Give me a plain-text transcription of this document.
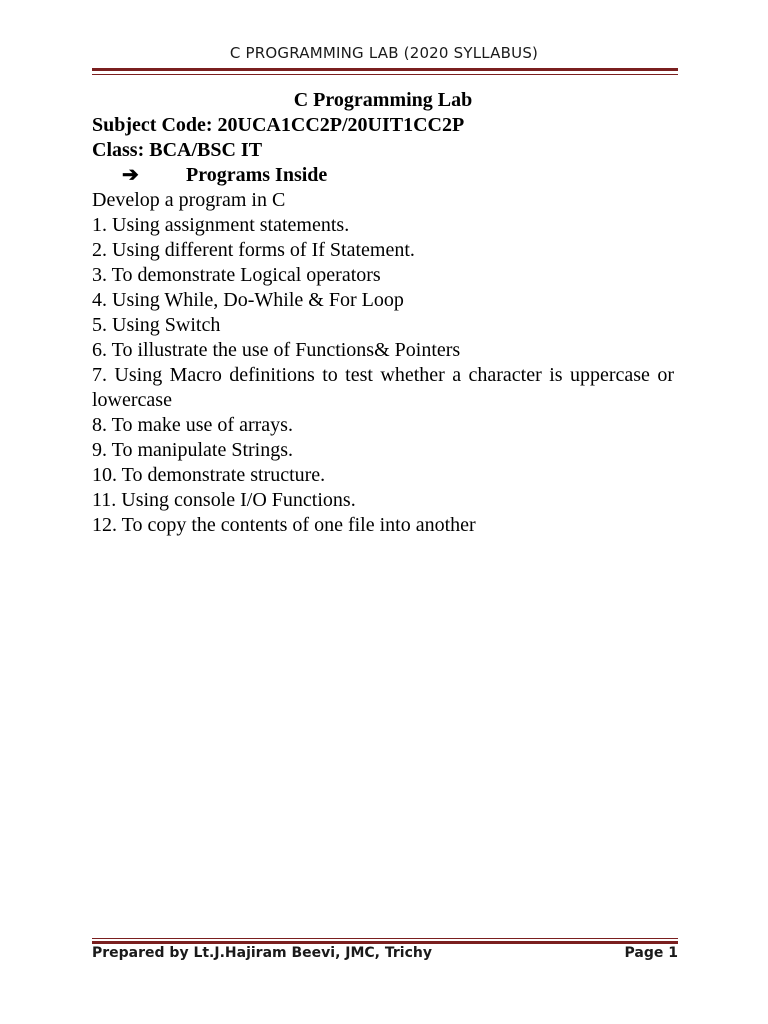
C PROGRAMMING LAB (2020 SYLLABUS)
C Programming Lab
Subject Code: 20UCA1CC2P/20UIT1CC2P
Class: BCA/BSC IT
➔ Programs Inside
Develop a program in C
1. Using assignment statements.
2. Using different forms of If Statement.
3. To demonstrate Logical operators
4. Using While, Do-While & For Loop
5. Using Switch
6. To illustrate the use of Functions& Pointers
7. Using Macro definitions to test whether a character is uppercase or lowercase
8. To make use of arrays.
9. To manipulate Strings.
10. To demonstrate structure.
11. Using console I/O Functions.
12. To copy the contents of one file into another
Prepared by Lt.J.Hajiram Beevi, JMC, Trichy	Page 1
